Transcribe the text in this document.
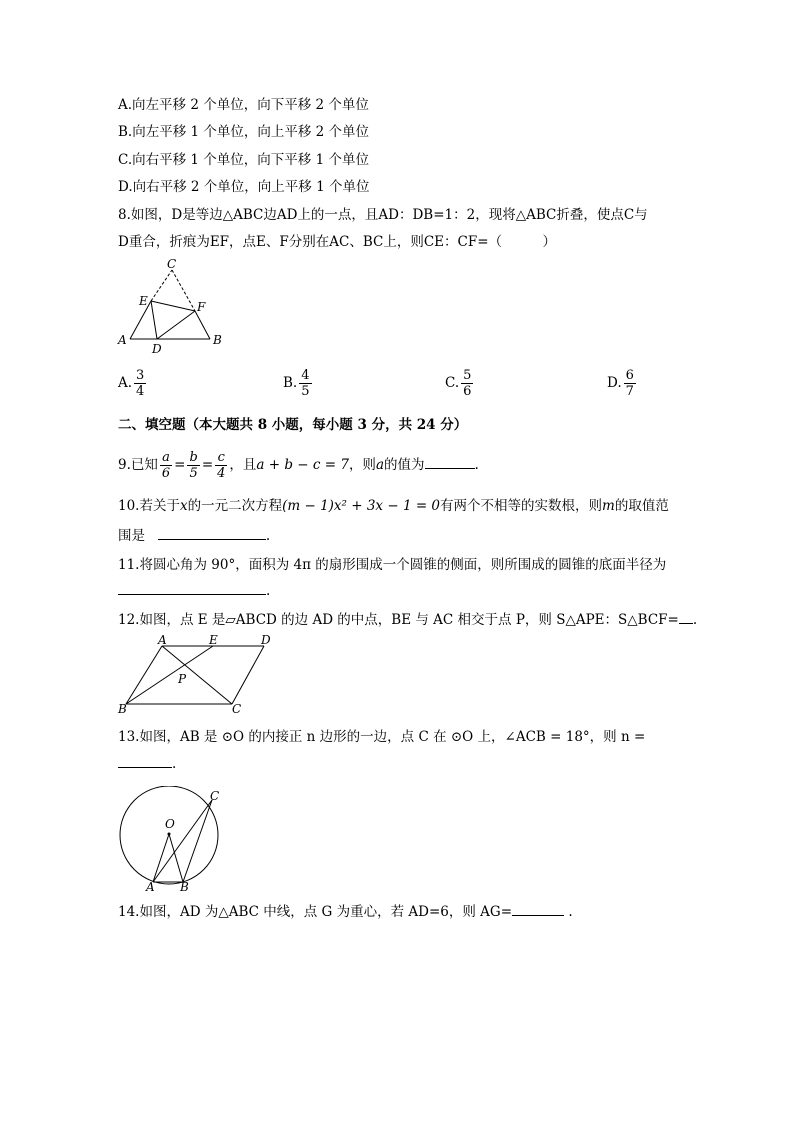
A.向左平移 2 个单位，向下平移 2 个单位
B.向左平移 1 个单位，向上平移 2 个单位
C.向右平移 1 个单位，向下平移 1 个单位
D.向右平移 2 个单位，向上平移 1 个单位
8.如图，D是等边△ABC边AD上的一点，且AD：DB=1：2，现将△ABC折叠，使点C与
D重合，折痕为EF，点E、F分别在AC、BC上，则CE：CF=（　　　）
C
E	F
A
D
B
A. $\frac{3}{4}$	B. $\frac{4}{5}$	C. $\frac{5}{6}$	D. $\frac{6}{7}$
二、填空题（本大题共 8 小题，每小题 3 分，共 24 分）
9.已知 $\frac{a}{6} = \frac{b}{5} = \frac{c}{4}$ ，且a + b − c = 7，则a的值为	.
10.若关于x的一元二次方程(m − 1)x² + 3x − 1 = 0有两个不相等的实数根，则m的取值范
围是	.
11.将圆心角为 90°，面积为 4π 的扇形围成一个圆锥的侧面，则所围成的圆锥的底面半径为
.
12.如图，点 E 是▱ABCD 的边 AD 的中点，BE 与 AC 相交于点 P，则 S△APE：S△BCF= .
A	E	D
P
B	C
13.如图，AB 是 ⊙O 的内接正 n 边形的一边，点 C 在 ⊙O 上，∠ACB = 18°，则 n =
.
O
C
A B
14.如图，AD 为△ABC 中线，点 G 为重心，若 AD=6，则 AG=	.
